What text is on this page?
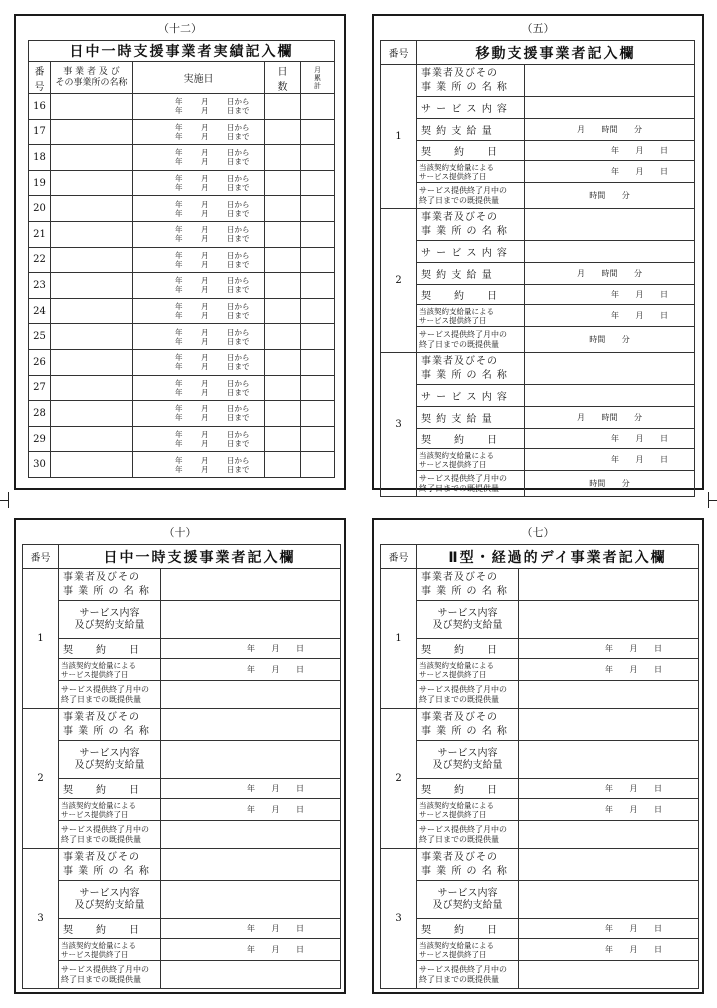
（十二）
日中一時支援事業者実績記入欄				

番
号	事 業 者 及 び
その事業所の名称	実施日	日
数	月
累
計

16		年 月 日から
年 月 日まで		

17		年 月 日から
年 月 日まで		

18		年 月 日から
年 月 日まで		

19		年 月 日から
年 月 日まで		

20		年 月 日から
年 月 日まで		

21		年 月 日から
年 月 日まで		

22		年 月 日から
年 月 日まで		

23		年 月 日から
年 月 日まで		

24		年 月 日から
年 月 日まで		

25		年 月 日から
年 月 日まで		

26		年 月 日から
年 月 日まで		

27		年 月 日から
年 月 日まで		

28		年 月 日から
年 月 日まで		

29		年 月 日から
年 月 日まで		

30		年 月 日から
年 月 日まで		

（五）
番号	移動支援事業者記入欄	
1	事業者及びその
事 業 所 の 名 称	

	サ ー ビ ス 内 容	
	契 約 支 給 量	月 時間 分
	契　　約　　日	年 月 日

	当該契約支給量による
サービス提供終了日	年 月 日

	サービス提供終了月中の
終了日までの既提供量	時間 分
2	事業者及びその
事 業 所 の 名 称	

	サ ー ビ ス 内 容	
	契 約 支 給 量	月 時間 分
	契　　約　　日	年 月 日

	当該契約支給量による
サービス提供終了日	年 月 日

	サービス提供終了月中の
終了日までの既提供量	時間 分
3	事業者及びその
事 業 所 の 名 称	

	サ ー ビ ス 内 容	
	契 約 支 給 量	月 時間 分
	契　　約　　日	年 月 日

	当該契約支給量による
サービス提供終了日	年 月 日

	サービス提供終了月中の
終了日までの既提供量	時間 分
（十）
番号	日中一時支援事業者記入欄	
1	事業者及びその
事 業 所 の 名 称	

	サービス内容
及び契約支給量	

	契　　約　　日	年 月 日

	当該契約支給量による
サービス提供終了日	年 月 日

	サービス提供終了月中の
終了日までの既提供量	

2	事業者及びその
事 業 所 の 名 称	

	サービス内容
及び契約支給量	

	契　　約　　日	年 月 日

	当該契約支給量による
サービス提供終了日	年 月 日

	サービス提供終了月中の
終了日までの既提供量	

3	事業者及びその
事 業 所 の 名 称	

	サービス内容
及び契約支給量	

	契　　約　　日	年 月 日

	当該契約支給量による
サービス提供終了日	年 月 日

	サービス提供終了月中の
終了日までの既提供量	

（七）
番号	Ⅱ型・経過的デイ事業者記入欄	
1	事業者及びその
事 業 所 の 名 称	

	サービス内容
及び契約支給量	

	契　　約　　日	年 月 日

	当該契約支給量による
サービス提供終了日	年 月 日

	サービス提供終了月中の
終了日までの既提供量	

2	事業者及びその
事 業 所 の 名 称	

	サービス内容
及び契約支給量	

	契　　約　　日	年 月 日

	当該契約支給量による
サービス提供終了日	年 月 日

	サービス提供終了月中の
終了日までの既提供量	

3	事業者及びその
事 業 所 の 名 称	

	サービス内容
及び契約支給量	

	契　　約　　日	年 月 日

	当該契約支給量による
サービス提供終了日	年 月 日

	サービス提供終了月中の
終了日までの既提供量	
